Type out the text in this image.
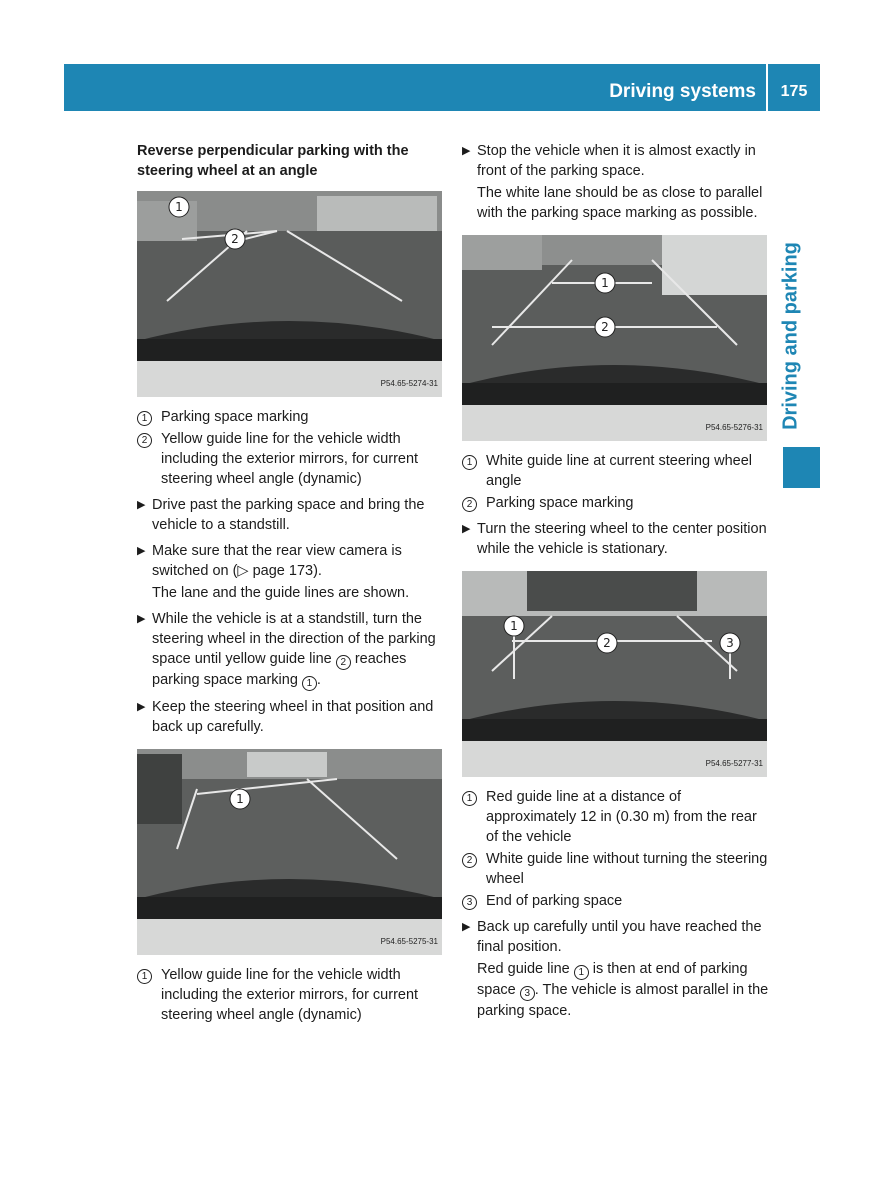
Driving systems	175
Driving and parking
Reverse perpendicular parking with the steering wheel at an angle
1
2
P54.65-5274-31
1 Parking space marking
2 Yellow guide line for the vehicle width including the exterior mirrors, for current steering wheel angle (dynamic)
▶ Drive past the parking space and bring the vehicle to a standstill.
▶ Make sure that the rear view camera is switched on (▷ page 173).
The lane and the guide lines are shown.
▶ While the vehicle is at a standstill, turn the steering wheel in the direction of the parking space until yellow guide line 2 reaches parking space marking 1 .
▶ Keep the steering wheel in that position and back up carefully.
1
P54.65-5275-31
1 Yellow guide line for the vehicle width including the exterior mirrors, for current steering wheel angle (dynamic)
▶ Stop the vehicle when it is almost exactly in front of the parking space.
The white lane should be as close to parallel with the parking space marking as possible.
1
2
P54.65-5276-31
1 White guide line at current steering wheel angle
2 Parking space marking
▶ Turn the steering wheel to the center position while the vehicle is stationary.
1
2	3
P54.65-5277-31
1 Red guide line at a distance of approximately 12 in (0.30 m) from the rear of the vehicle
2 White guide line without turning the steering wheel
3 End of parking space
▶ Back up carefully until you have reached the final position.
Red guide line 1 is then at end of parking space 3 . The vehicle is almost parallel in the parking space.
